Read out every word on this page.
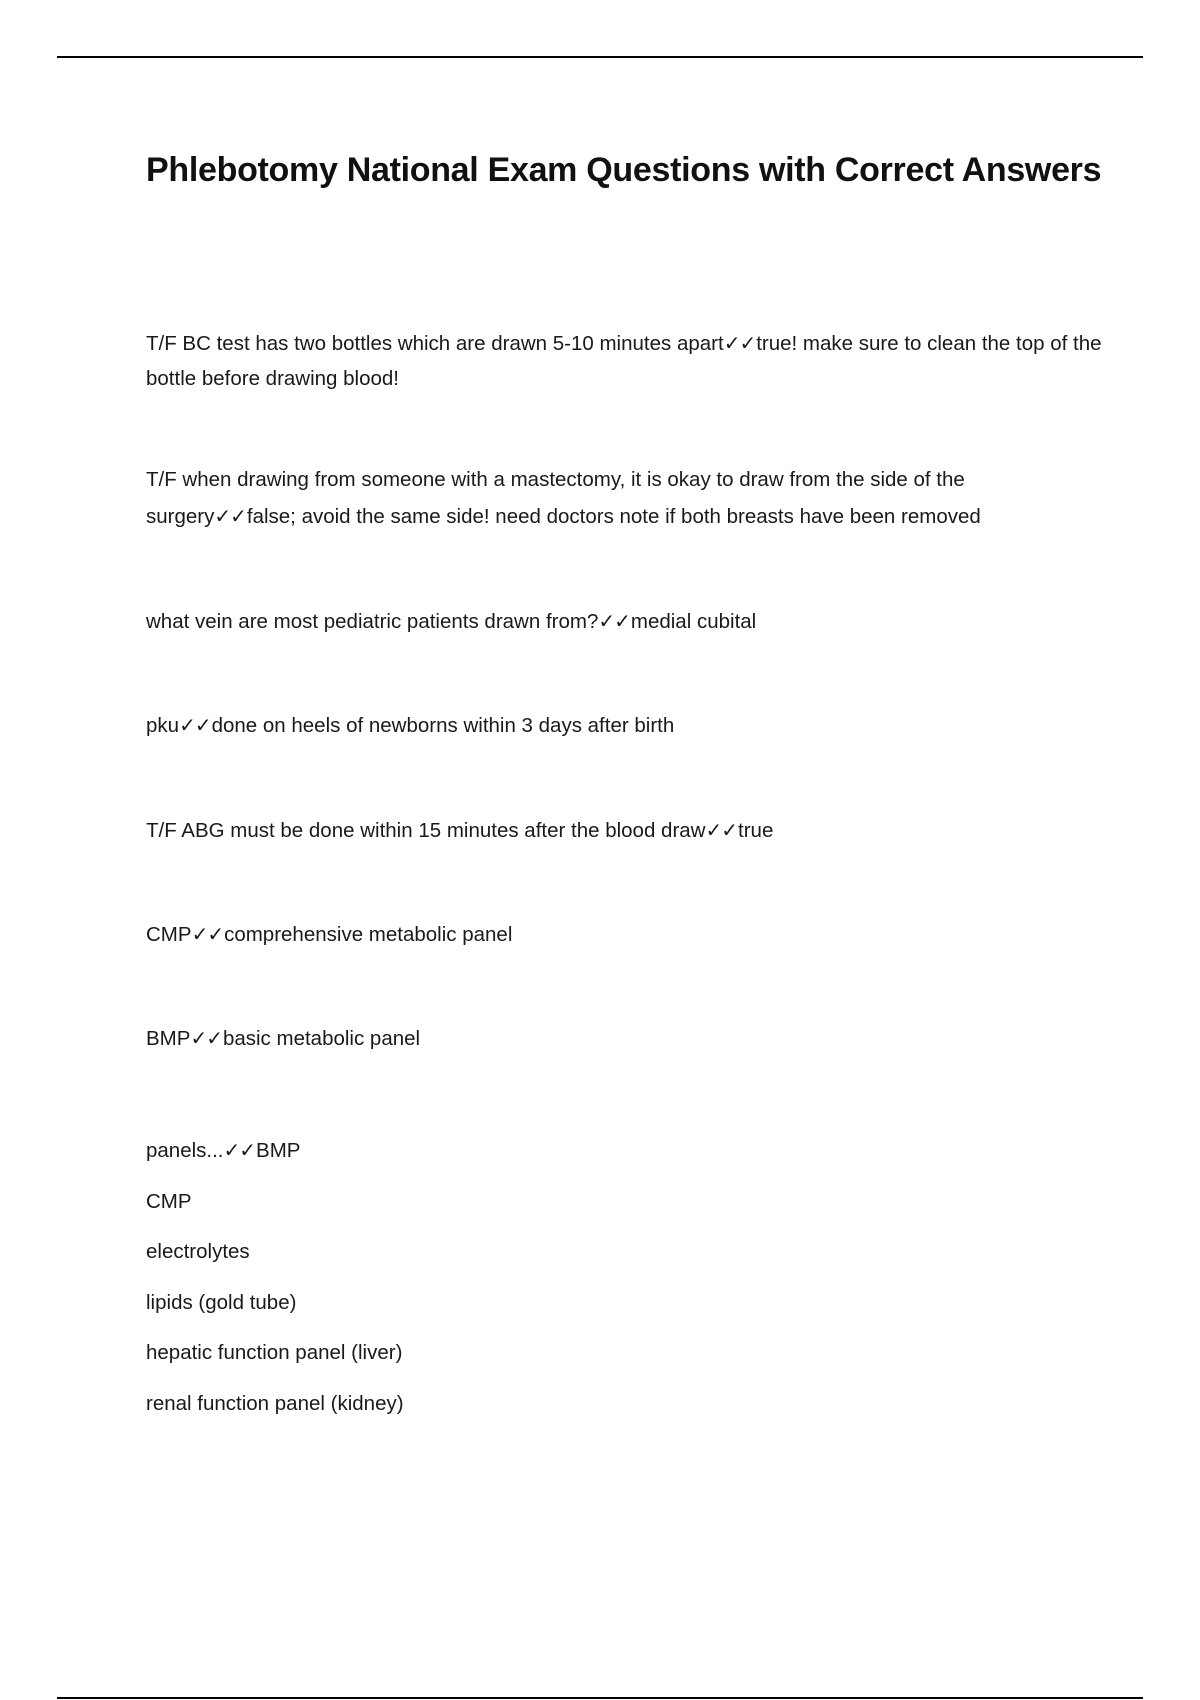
Phlebotomy National Exam Questions with Correct Answers

T/F BC test has two bottles which are drawn 5-10 minutes apart✓✓true! make sure to clean the top of the bottle before drawing blood!

T/F when drawing from someone with a mastectomy, it is okay to draw from the side of the surgery✓✓false; avoid the same side! need doctors note if both breasts have been removed

what vein are most pediatric patients drawn from?✓✓medial cubital

pku✓✓done on heels of newborns within 3 days after birth

T/F ABG must be done within 15 minutes after the blood draw✓✓true

CMP✓✓comprehensive metabolic panel

BMP✓✓basic metabolic panel

panels...✓✓BMP
CMP
electrolytes
lipids (gold tube)
hepatic function panel (liver)
renal function panel (kidney)
